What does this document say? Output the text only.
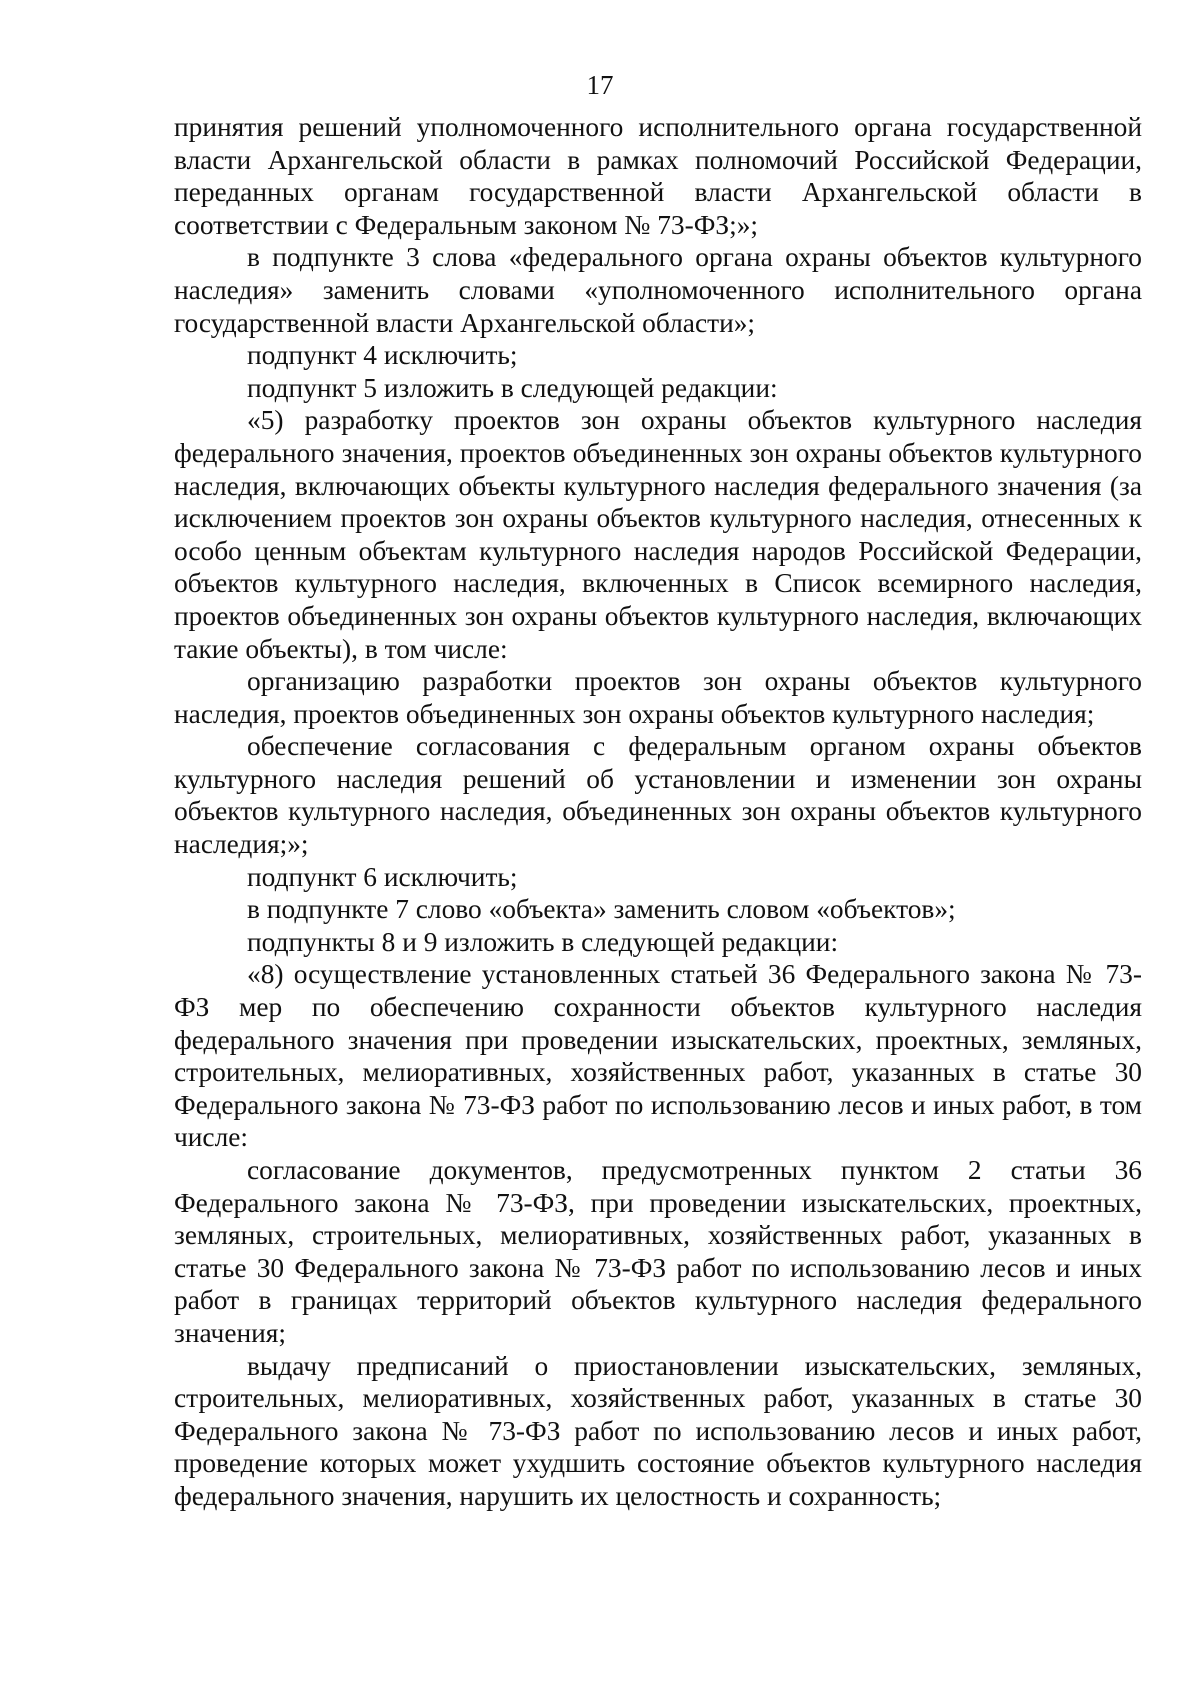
17

принятия решений уполномоченного исполнительного органа государственной власти Архангельской области в рамках полномочий Российской Федерации, переданных органам государственной власти Архангельской области в соответствии с Федеральным законом № 73-ФЗ;»;

в подпункте 3 слова «федерального органа охраны объектов культурного наследия» заменить словами «уполномоченного исполнительного органа государственной власти Архангельской области»;

подпункт 4 исключить;

подпункт 5 изложить в следующей редакции:

«5) разработку проектов зон охраны объектов культурного наследия федерального значения, проектов объединенных зон охраны объектов культурного наследия, включающих объекты культурного наследия федерального значения (за исключением проектов зон охраны объектов культурного наследия, отнесенных к особо ценным объектам культурного наследия народов Российской Федерации, объектов культурного наследия, включенных в Список всемирного наследия, проектов объединенных зон охраны объектов культурного наследия, включающих такие объекты), в том числе:

организацию разработки проектов зон охраны объектов культурного наследия, проектов объединенных зон охраны объектов культурного наследия;

обеспечение согласования с федеральным органом охраны объектов культурного наследия решений об установлении и изменении зон охраны объектов культурного наследия, объединенных зон охраны объектов культурного наследия;»;

подпункт 6 исключить;

в подпункте 7 слово «объекта» заменить словом «объектов»;

подпункты 8 и 9 изложить в следующей редакции:

«8) осуществление установленных статьей 36 Федерального закона № 73-ФЗ мер по обеспечению сохранности объектов культурного наследия федерального значения при проведении изыскательских, проектных, земляных, строительных, мелиоративных, хозяйственных работ, указанных в статье 30 Федерального закона № 73-ФЗ работ по использованию лесов и иных работ, в том числе:

согласование документов, предусмотренных пунктом 2 статьи 36 Федерального закона № 73-ФЗ, при проведении изыскательских, проектных, земляных, строительных, мелиоративных, хозяйственных работ, указанных в статье 30 Федерального закона № 73-ФЗ работ по использованию лесов и иных работ в границах территорий объектов культурного наследия федерального значения;

выдачу предписаний о приостановлении изыскательских, земляных, строительных, мелиоративных, хозяйственных работ, указанных в статье 30 Федерального закона № 73-ФЗ работ по использованию лесов и иных работ, проведение которых может ухудшить состояние объектов культурного наследия федерального значения, нарушить их целостность и сохранность;
